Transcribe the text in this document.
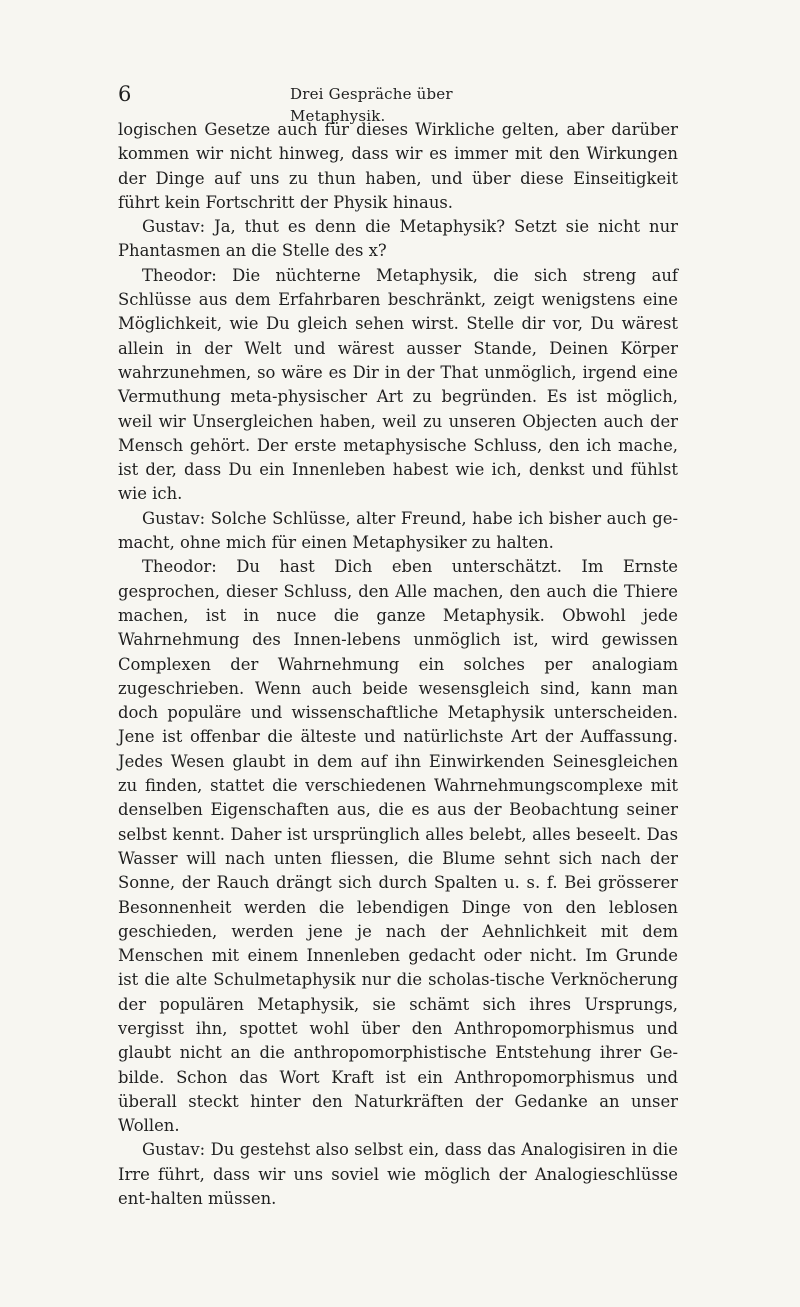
6	Drei Gespräche über Metaphysik.

logischen Gesetze auch für dieses Wirkliche gelten, aber darüber kommen wir nicht hinweg, dass wir es immer mit den Wirkungen der Dinge auf uns zu thun haben, und über diese Einseitigkeit führt kein Fortschritt der Physik hinaus.

Gustav: Ja, thut es denn die Metaphysik? Setzt sie nicht nur Phantasmen an die Stelle des x?

Theodor: Die nüchterne Metaphysik, die sich streng auf Schlüsse aus dem Erfahrbaren beschränkt, zeigt wenigstens eine Möglichkeit, wie Du gleich sehen wirst. Stelle dir vor, Du wärest allein in der Welt und wärest ausser Stande, Deinen Körper wahrzunehmen, so wäre es Dir in der That unmöglich, irgend eine Vermuthung meta-physischer Art zu begründen. Es ist möglich, weil wir Unsergleichen haben, weil zu unseren Objecten auch der Mensch gehört. Der erste metaphysische Schluss, den ich mache, ist der, dass Du ein Innenleben habest wie ich, denkst und fühlst wie ich.

Gustav: Solche Schlüsse, alter Freund, habe ich bisher auch ge-macht, ohne mich für einen Metaphysiker zu halten.

Theodor: Du hast Dich eben unterschätzt. Im Ernste gesprochen, dieser Schluss, den Alle machen, den auch die Thiere machen, ist in nuce die ganze Metaphysik. Obwohl jede Wahrnehmung des Innen-lebens unmöglich ist, wird gewissen Complexen der Wahrnehmung ein solches per analogiam zugeschrieben. Wenn auch beide wesensgleich sind, kann man doch populäre und wissenschaftliche Metaphysik unterscheiden. Jene ist offenbar die älteste und natürlichste Art der Auffassung. Jedes Wesen glaubt in dem auf ihn Einwirkenden Seinesgleichen zu finden, stattet die verschiedenen Wahrnehmungscomplexe mit denselben Eigenschaften aus, die es aus der Beobachtung seiner selbst kennt. Daher ist ursprünglich alles belebt, alles beseelt. Das Wasser will nach unten fliessen, die Blume sehnt sich nach der Sonne, der Rauch drängt sich durch Spalten u. s. f. Bei grösserer Besonnenheit werden die lebendigen Dinge von den leblosen geschieden, werden jene je nach der Aehnlichkeit mit dem Menschen mit einem Innenleben gedacht oder nicht. Im Grunde ist die alte Schulmetaphysik nur die scholas-tische Verknöcherung der populären Metaphysik, sie schämt sich ihres Ursprungs, vergisst ihn, spottet wohl über den Anthropomorphismus und glaubt nicht an die anthropomorphistische Entstehung ihrer Ge-bilde. Schon das Wort Kraft ist ein Anthropomorphismus und überall steckt hinter den Naturkräften der Gedanke an unser Wollen.

Gustav: Du gestehst also selbst ein, dass das Analogisiren in die Irre führt, dass wir uns soviel wie möglich der Analogieschlüsse ent-halten müssen.
